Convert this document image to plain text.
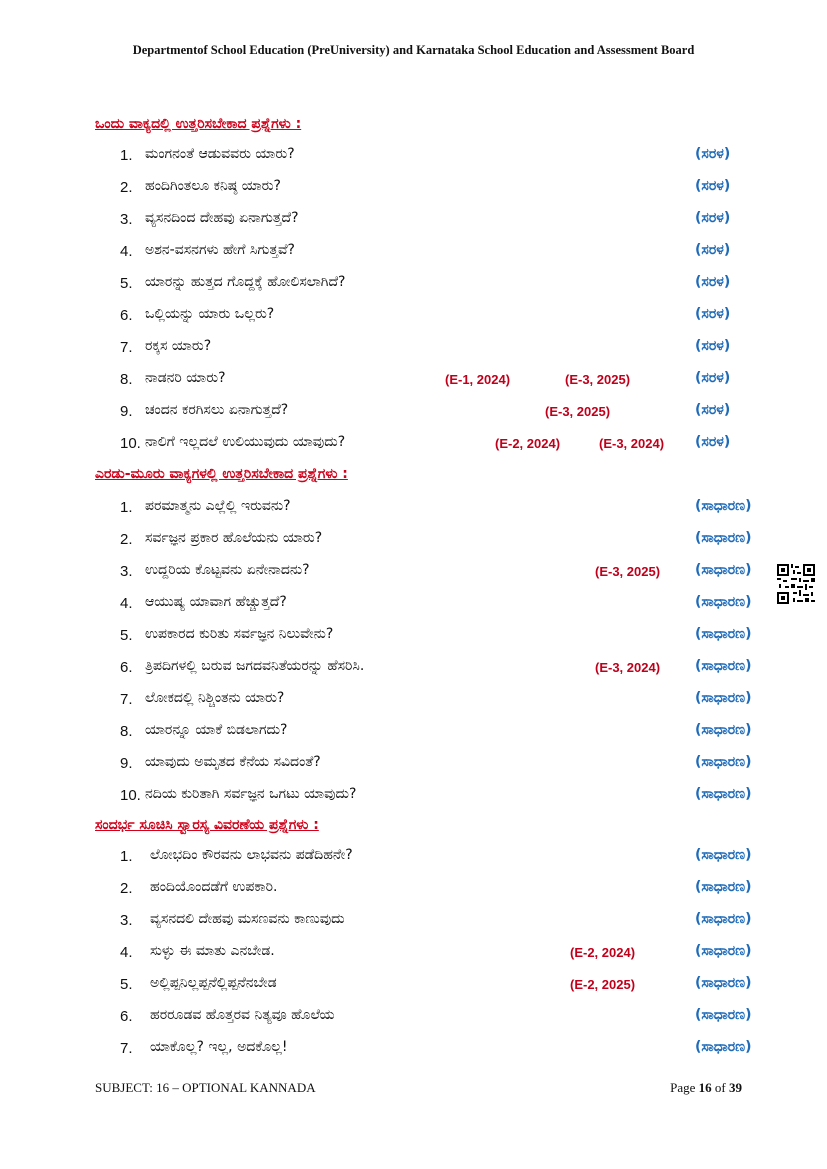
Departmentof School Education (PreUniversity) and Karnataka School Education and Assessment Board
ಒಂದು ವಾಕ್ಯದಲ್ಲಿ ಉತ್ತರಿಸಬೇಕಾದ ಪ್ರಶ್ನೆಗಳು :
1. ಮಂಗನಂತೆ ಆಡುವವರು ಯಾರು?	(ಸರಳ)
2. ಹಂದಿಗಿಂತಲೂ ಕನಿಷ್ಠ ಯಾರು?	(ಸರಳ)
3. ವ್ಯಸನದಿಂದ ದೇಹವು ಏನಾಗುತ್ತದೆ?	(ಸರಳ)
4. ಅಶನ-ವಸನಗಳು ಹೇಗೆ ಸಿಗುತ್ತವೆ?	(ಸರಳ)
5. ಯಾರನ್ನು ಹುತ್ತದ ಗೊದ್ದಕ್ಕೆ ಹೋಲಿಸಲಾಗಿದೆ?	(ಸರಳ)
6. ಒಲ್ಲಿಯನ್ನು ಯಾರು ಒಲ್ಲರು?	(ಸರಳ)
7. ರಕ್ಕಸ ಯಾರು?	(ಸರಳ)
8. ನಾಡನರಿ ಯಾರು?	(E-1, 2024)	(E-3, 2025)	(ಸರಳ)
9. ಚಂದನ ಕರಗಿಸಲು ಏನಾಗುತ್ತದೆ?	(E-3, 2025)	(ಸರಳ)
10. ನಾಲಿಗೆ ಇಲ್ಲದಲೆ ಉಲಿಯುವುದು ಯಾವುದು?	(E-2, 2024)	(E-3, 2024) (ಸರಳ)
ಎರಡು-ಮೂರು ವಾಕ್ಯಗಳಲ್ಲಿ ಉತ್ತರಿಸಬೇಕಾದ ಪ್ರಶ್ನೆಗಳು :
1. ಪರಮಾತ್ಮನು ಎಲ್ಲೆಲ್ಲಿ ಇರುವನು?	(ಸಾಧಾರಣ)
2. ಸರ್ವಜ್ಞನ ಪ್ರಕಾರ ಹೊಲೆಯನು ಯಾರು?	(ಸಾಧಾರಣ)
3. ಉದ್ದರಿಯ ಕೊಟ್ಟವನು ಏನೇನಾದನು?	(E-3, 2025) (ಸಾಧಾರಣ)
4. ಆಯುಷ್ಯ ಯಾವಾಗ ಹೆಚ್ಚುತ್ತದೆ?	(ಸಾಧಾರಣ)
5. ಉಪಕಾರದ ಕುರಿತು ಸರ್ವಜ್ಞನ ನಿಲುವೇನು?	(ಸಾಧಾರಣ)
6. ತ್ರಿಪದಿಗಳಲ್ಲಿ ಬರುವ ಜಗದವನಿತೆಯರನ್ನು ಹೆಸರಿಸಿ.	(E-3, 2024) (ಸಾಧಾರಣ)
7. ಲೋಕದಲ್ಲಿ ನಿಶ್ಚಿಂತನು ಯಾರು?	(ಸಾಧಾರಣ)
8. ಯಾರನ್ನೂ ಯಾಕೆ ಬಿಡಲಾಗದು?	(ಸಾಧಾರಣ)
9. ಯಾವುದು ಅಮೃತದ ಕೆನೆಯ ಸವಿದಂತೆ?	(ಸಾಧಾರಣ)
10. ನದಿಯ ಕುರಿತಾಗಿ ಸರ್ವಜ್ಞನ ಒಗಟು ಯಾವುದು?	(ಸಾಧಾರಣ)
ಸಂದರ್ಭ ಸೂಚಿಸಿ ಸ್ವಾರಸ್ಯ ವಿವರಣೆಯ ಪ್ರಶ್ನೆಗಳು :
1. ಲೋಭದಿಂ ಕೌರವನು ಲಾಭವನು ಪಡೆದಿಹನೇ?	(ಸಾಧಾರಣ)
2. ಹಂದಿಯೊಂದಡೆಗೆ ಉಪಕಾರಿ.	(ಸಾಧಾರಣ)
3. ವ್ಯಸನದಲಿ ದೇಹವು ಮಸಣವನು ಕಾಣುವುದು	(ಸಾಧಾರಣ)
4. ಸುಳ್ಳು ಈ ಮಾತು ಎನಬೇಡ.	(E-2, 2024)	(ಸಾಧಾರಣ)
5. ಅಲ್ಲಿಪ್ಪನಿಲ್ಲಪ್ಪನೆಲ್ಲಿಪ್ಪನೆನಬೇಡ	(E-2, 2025)	(ಸಾಧಾರಣ)
6. ಹರರೂಡವ ಹೊತ್ತರವ ನಿತ್ಯವೂ ಹೊಲೆಯ	(ಸಾಧಾರಣ)
7. ಯಾಕೊಲ್ಲ? ಇಲ್ಲ, ಅದಕೊಲ್ಲ!	(ಸಾಧಾರಣ)
SUBJECT: 16 – OPTIONAL KANNADA	Page 16 of 39
